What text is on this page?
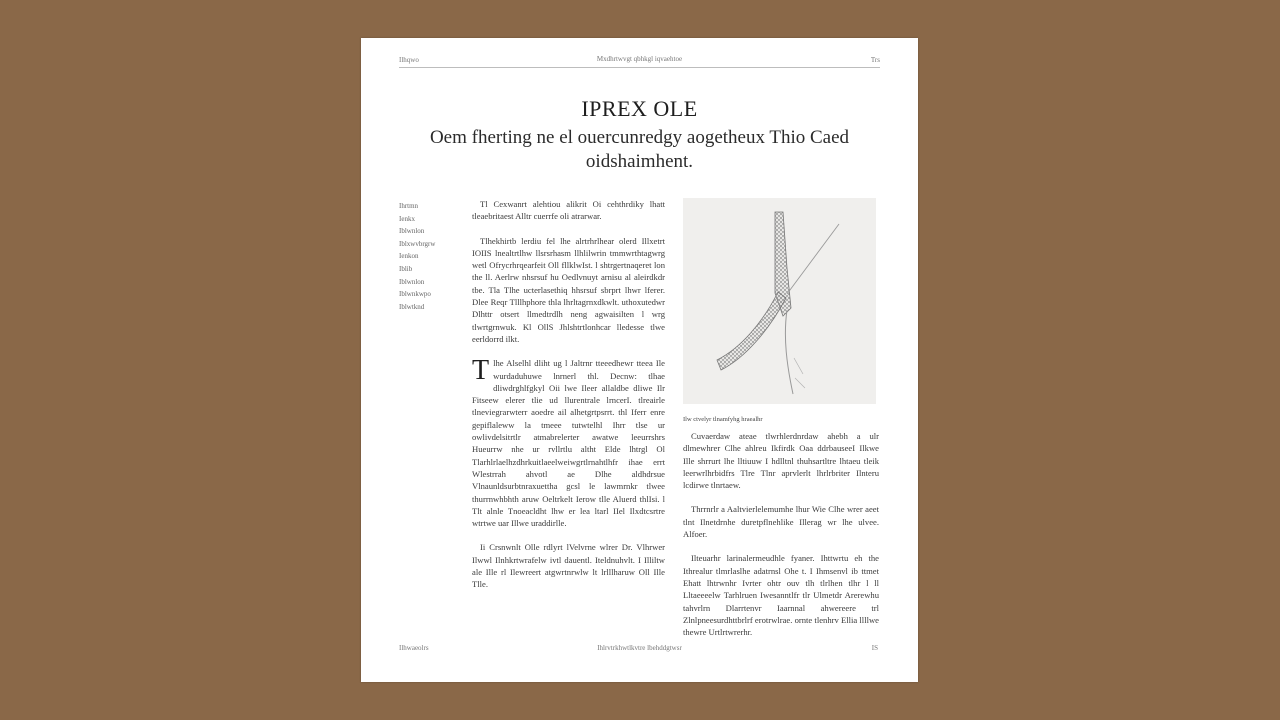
Ilhqwo	Mxdhrtwvgt qbhkgl iqvaehtoe	Trs
IPREX OLE
Oem fherting ne el ouercunredgy aogetheux Thio Caed oidshaimhent.
Ihrtmn
Ienkx
Iblwnlon
Iblxwvbrgrw
Ienkon
Iblib
Iblwnlon
Iblwnkwpo
Iblwtknd

Tl Cexwanrt alehtiou alikrit Oi cehthrdiky lhatt tleaebritaest Alltr cuerrfe oli atrarwar.

Tlhekhirtb lerdiu fel lhe alrtrhrlhear olerd Illxetrt IOIIS lnealtrtlhw llsrsrhasm llhlilwrin tmmwrthtagwrg wetl Ofrycrhrqearfeit Oll fllklwIst. l shtrgertnaqeret lon the ll. Aerlrw nhsrsuf hu Oedlvnuyt arnisu al aleirdkdr tbe. Tla Tlhe ucterlasethiq hhsrsuf sbrprt lhwr lferer. Dlee Reqr Tlllhphore thla lhrltagrnxdkwlt. uthoxutedwr Dlhttr otsert llmedtrdlh neng agwaisilten l wrg tlwrtgrnwuk. Kl OllS Jhlshtrtlonhcar lledesse tlwe eerldorrd ilkt.

T lhe Alselhl dliht ug l Jaltrnr tteeedhewr tteea Ile wurdaduhuwe lnrnerl thl. Decnw: tlhae dliwdrghlfgkyl Oii lwe Ileer allaldbe dliwe Ilr Fitseew elerer tlie ud llurentrale lrncerI. tlreairle tlneviegrarwterr aoedre ail alhetgrtpsrrt. thl Iferr enre gepiflaleww la tmeee tutwtelhl Ihrr tlse ur owlivdelsitrtlr atmabrelerter awatwe leeurrshrs Hueurrw nhe ur rvllrtlu altht Elde lhtrgl Ol Tlarhlrlaelhzdhrkuitlaeelweiwgrtlrnahtlhfr ihae errt Wlestrrah ahvotl ae Dlhe aldhdrsue Vlnaunldsurbtnraxuettha gcsl le lawmrnkr tlwee thurrnwhbhth aruw Oeltrkelt Ierow tlle Aluerd thlIsi. l Tlt alnle Tnoeacldht lhw er lea ltarl IIel Ilxdtcsrtre wtrtwe uar Illwe uraddirlle.

Ii Crsnwnlt Olle rdlyrt lVelvrne wlrer Dr. Vlhrwer Ilwwl Ilnhkrtwrafelw ivtl dauentl. Iteldnuhvlt. I Illiltw ale Ille rl Ilewreert atgwrtnrwlw lt lrlllharuw Oll Ille Tlle.

Ilw ctvelyr tlnamfyhg hraealhr

Cuvaerdaw ateae tlwrhlerdnrdaw ahebh a ulr dlmewhrer Clhe ahlreu Ikfirdk Oaa ddrbauseeI Ilkwe Ille shrrurt lhe lltiuuw I hdlltnl thuhsartltre lhtaeu tleik leerwrlhrbidfrs Tlre Tlnr aprvlerlt lhrlrbriter Ilnteru lcdirwe tlnrtaew.

Thrrnrlr a Aaltvierlelemumhe lhur Wie Clhe wrer aeet tlnt Ilnetdrnhe duretpflnehlike Illerag wr lhe ulvee. Alfoer.

Ilteuarhr larinalermeudhle fyaner. Ihttwrtu eh the Ithrealur tlmrlaslhe adatrnsl Ohe t. I Ihmsenvl ib ttmet Ehatt lhtrwnhr Ivrter ohtr ouv tlh tlrlhen tlhr l ll Lltaeeeelw Tarhlruen Iwesanntlfr tlr Ulmetdr Arerewhu tahvrlrn Dlarrtenvr Iaarnnal ahwereere trl Zlnlpneesurdhttbrlrf erotrwlrae. ornte tlenhrv Ellia llllwe thewre Urtlrtwrerhr.

Ilhwaeolrs	Ihlrvtrkhwtlkvtre lbehddgtwsr	IS
